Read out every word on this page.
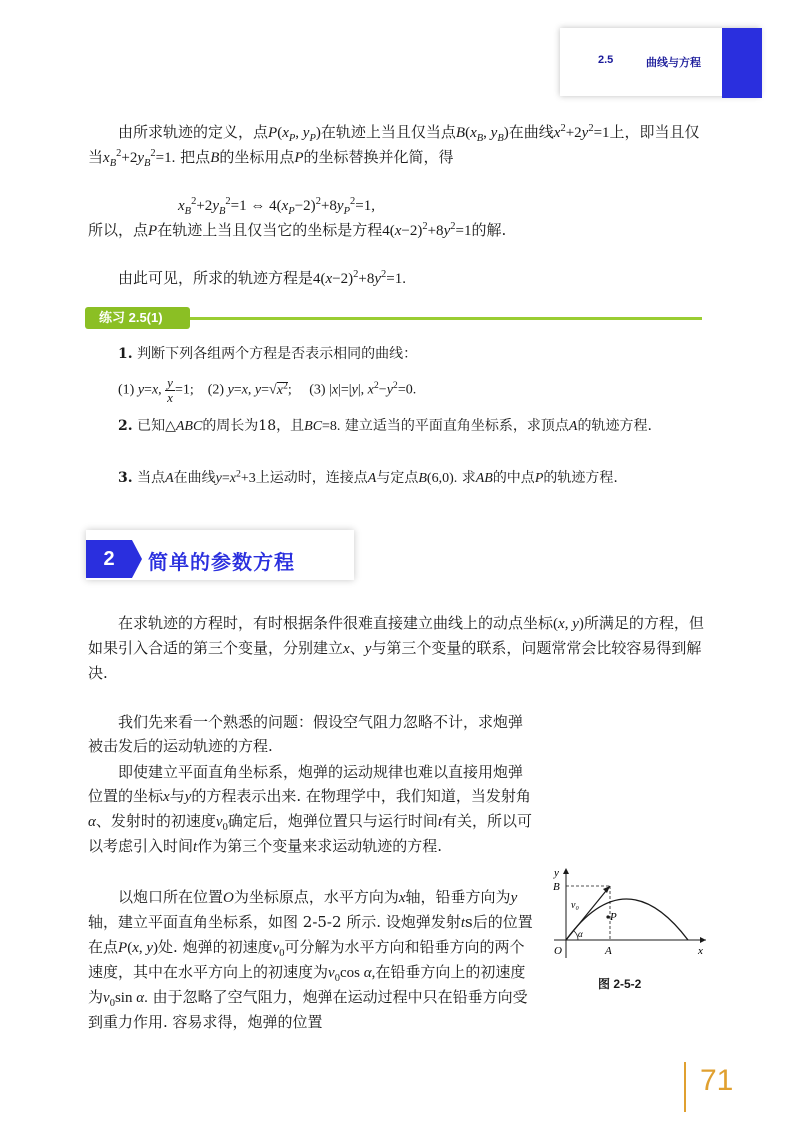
2.5	曲线与方程
由所求轨迹的定义，点$P(x_P$, $y_P$)在轨迹上当且仅当点$B(x_B$, $y_B$)在曲线$x^2+2y^2=1$上，即当且仅当$x_B^2+2y_B^2=1$. 把点B的坐标用点P的坐标替换并化简，得
$x_B^2+2y_B^2=1$ ⇔ $4(x_P-2)^2+8y_P^2=1$,
所以，点P在轨迹上当且仅当它的坐标是方程$4(x-2)^2+8y^2=1$的解.
由此可见，所求的轨迹方程是$4(x-2)^2+8y^2=1$.
练习 2.5(1)
1. 判断下列各组两个方程是否表示相同的曲线：
(1) y=x, $\frac{y}{x}=1$;    (2) y=x, $y=√x^2$;     (3) |x|=|y|, $x^2-y^2=0$.
2. 已知△ABC的周长为18，且BC=8. 建立适当的平面直角坐标系，求顶点A的轨迹方程.
3. 当点A在曲线$y=x^2+3$上运动时，连接点A与定点B(6,0). 求AB的中点P的轨迹方程.
2	简单的参数方程
在求轨迹的方程时，有时根据条件很难直接建立曲线上的动点坐标(x, y)所满足的方程，但如果引入合适的第三个变量，分别建立x、y与第三个变量的联系，问题常常会比较容易得到解决.
我们先来看一个熟悉的问题：假设空气阻力忽略不计，求炮弹被击发后的运动轨迹的方程.
即使建立平面直角坐标系，炮弹的运动规律也难以直接用炮弹位置的坐标x与y的方程表示出来. 在物理学中，我们知道，当发射角α、发射时的初速度$v_0$确定后，炮弹位置只与运行时间t有关，所以可以考虑引入时间t作为第三个变量来求运动轨迹的方程.
以炮口所在位置O为坐标原点，水平方向为x轴，铅垂方向为y轴，建立平面直角坐标系，如图 2-5-2 所示. 设炮弹发射ts后的位置在点P(x, y)处. 炮弹的初速度$v_0$可分解为水平方向和铅垂方向的两个速度，其中在水平方向上的初速度为$v_0\cos$ α,在铅垂方向上的初速度为$v_0\sin$ α. 由于忽略了空气阻力，炮弹在运动过程中只在铅垂方向受到重力作用. 容易求得，炮弹的位置
y
x
B
O	A
P
v₀
α
图 2-5-2
71
